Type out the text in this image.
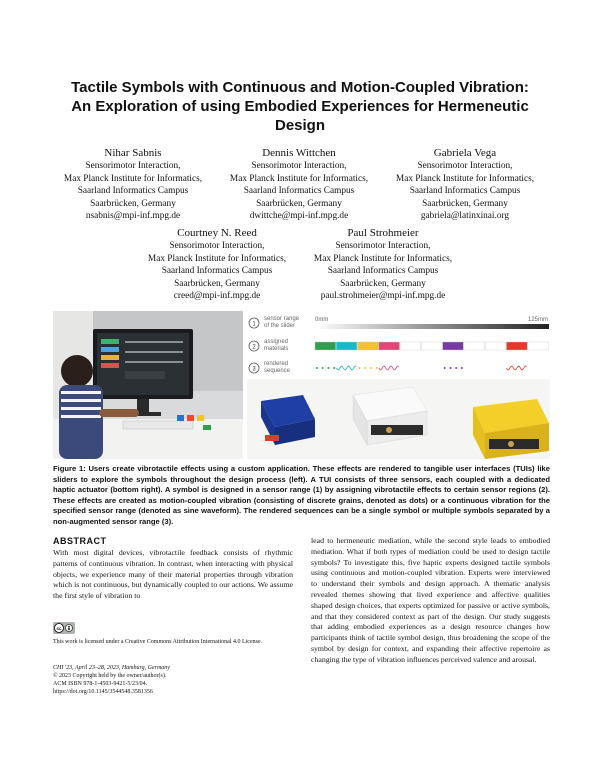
Tactile Symbols with Continuous and Motion-Coupled Vibration:
An Exploration of using Embodied Experiences for Hermeneutic
Design
Nihar Sabnis
Sensorimotor Interaction,
Max Planck Institute for Informatics,
Saarland Informatics Campus
Saarbrücken, Germany
nsabnis@mpi-inf.mpg.de
Dennis Wittchen
Sensorimotor Interaction,
Max Planck Institute for Informatics,
Saarland Informatics Campus
Saarbrücken, Germany
dwittche@mpi-inf.mpg.de
Gabriela Vega
Sensorimotor Interaction,
Max Planck Institute for Informatics,
Saarland Informatics Campus
Saarbrücken, Germany
gabriela@latinxinai.org
Courtney N. Reed
Sensorimotor Interaction,
Max Planck Institute for Informatics,
Saarland Informatics Campus
Saarbrücken, Germany
creed@mpi-inf.mpg.de
Paul Strohmeier
Sensorimotor Interaction,
Max Planck Institute for Informatics,
Saarland Informatics Campus
Saarbrücken, Germany
paul.strohmeier@mpi-inf.mpg.de
1
sensor range
of the slider
0mm	125mm
2
assigned
materials
3
rendered
sequence
Figure 1: Users create vibrotactile effects using a custom application. These effects are rendered to tangible user interfaces (TUIs) like sliders to explore the symbols throughout the design process (left). A TUI consists of three sensors, each coupled with a dedicated haptic actuator (bottom right). A symbol is designed in a sensor range (1) by assigning vibrotactile effects to certain sensor regions (2). These effects are created as motion-coupled vibration (consisting of discrete grains, denoted as dots) or a continuous vibration for the specified sensor range (denoted as sine waveform). The rendered sequences can be a single symbol or multiple symbols separated by a non-augmented sensor range (3).
ABSTRACT
With most digital devices, vibrotactile feedback consists of rhythmic patterns of continuous vibration. In contrast, when interacting with physical objects, we experience many of their material properties through vibration which is not continuous, but dynamically coupled to our actions. We assume the first style of vibration to
lead to hermeneutic mediation, while the second style leads to embodied mediation. What if both types of mediation could be used to design tactile symbols? To investigate this, five haptic experts designed tactile symbols using continuous and motion-coupled vibration. Experts were interviewed to understand their symbols and design approach. A thematic analysis revealed themes showing that lived experience and affective qualities shaped design choices, that experts optimized for passive or active symbols, and that they considered context as part of the design. Our study suggests that adding embodied experiences as a design resource changes how participants think of tactile symbol design, thus broadening the scope of the symbol by design for context, and expanding their affective repertoire as changing the type of vibration influences perceived valence and arousal.
cc
This work is licensed under a Creative Commons Attribution International 4.0 License.
CHI '23, April 23–28, 2023, Hamburg, Germany
© 2023 Copyright held by the owner/author(s).
ACM ISBN 978-1-4503-9421-5/23/04.
https://doi.org/10.1145/3544548.3581356
